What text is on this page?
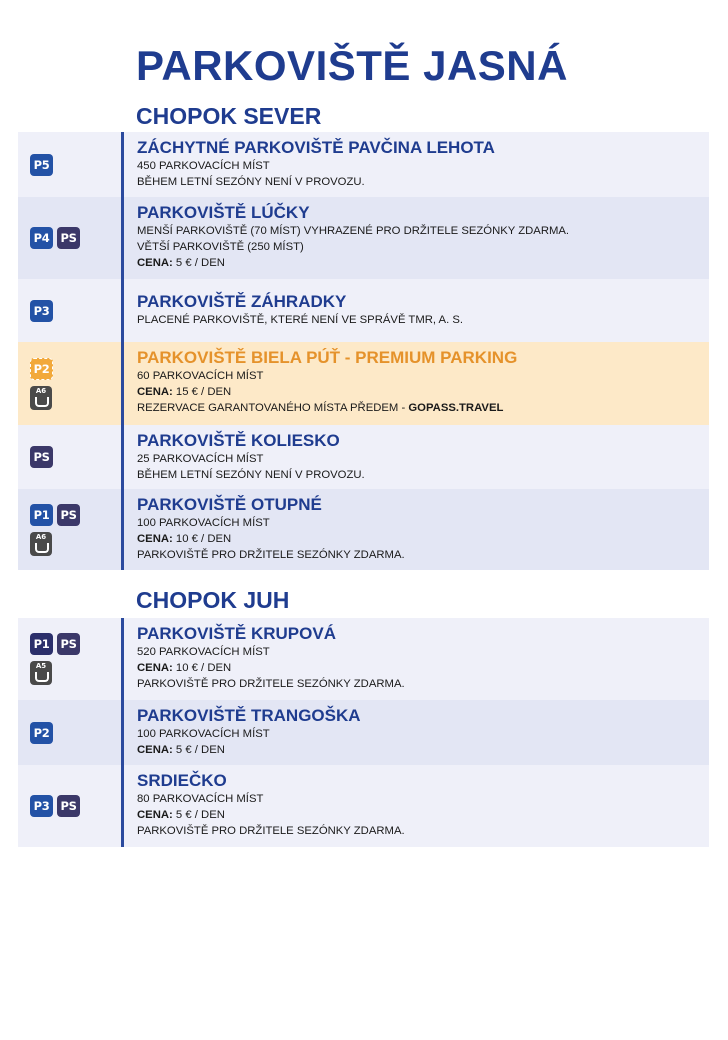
PARKOVIŠTĚ JASNÁ
CHOPOK SEVER
P5
ZÁCHYTNÉ PARKOVIŠTĚ PAVČINA LEHOTA
450 PARKOVACÍCH MÍST
BĚHEM LETNÍ SEZÓNY NENÍ V PROVOZU.
P4 PS
PARKOVIŠTĚ LÚČKY
MENŠÍ PARKOVIŠTĚ (70 MÍST) VYHRAZENÉ PRO DRŽITELE SEZÓNKY ZDARMA.
VĚTŠÍ PARKOVIŠTĚ (250 MÍST)
CENA: 5 € / DEN
P3	PARKOVIŠTĚ ZÁHRADKY
PLACENÉ PARKOVIŠTĚ, KTERÉ NENÍ VE SPRÁVĚ TMR, A. S.
P2
A6
PARKOVIŠTĚ BIELA PÚŤ - PREMIUM PARKING
60 PARKOVACÍCH MÍST
CENA: 15 € / DEN
REZERVACE GARANTOVANÉHO MÍSTA PŘEDEM - GOPASS.TRAVEL
PS
PARKOVIŠTĚ KOLIESKO
25 PARKOVACÍCH MÍST
BĚHEM LETNÍ SEZÓNY NENÍ V PROVOZU.
P1 PS
A6
PARKOVIŠTĚ OTUPNÉ
100 PARKOVACÍCH MÍST
CENA: 10 € / DEN
PARKOVIŠTĚ PRO DRŽITELE SEZÓNKY ZDARMA.
CHOPOK JUH
P1 PS
A5
PARKOVIŠTĚ KRUPOVÁ
520 PARKOVACÍCH MÍST
CENA: 10 € / DEN
PARKOVIŠTĚ PRO DRŽITELE SEZÓNKY ZDARMA.
P2
PARKOVIŠTĚ TRANGOŠKA
100 PARKOVACÍCH MÍST
CENA: 5 € / DEN
P3 PS
SRDIEČKO
80 PARKOVACÍCH MÍST
CENA: 5 € / DEN
PARKOVIŠTĚ PRO DRŽITELE SEZÓNKY ZDARMA.
